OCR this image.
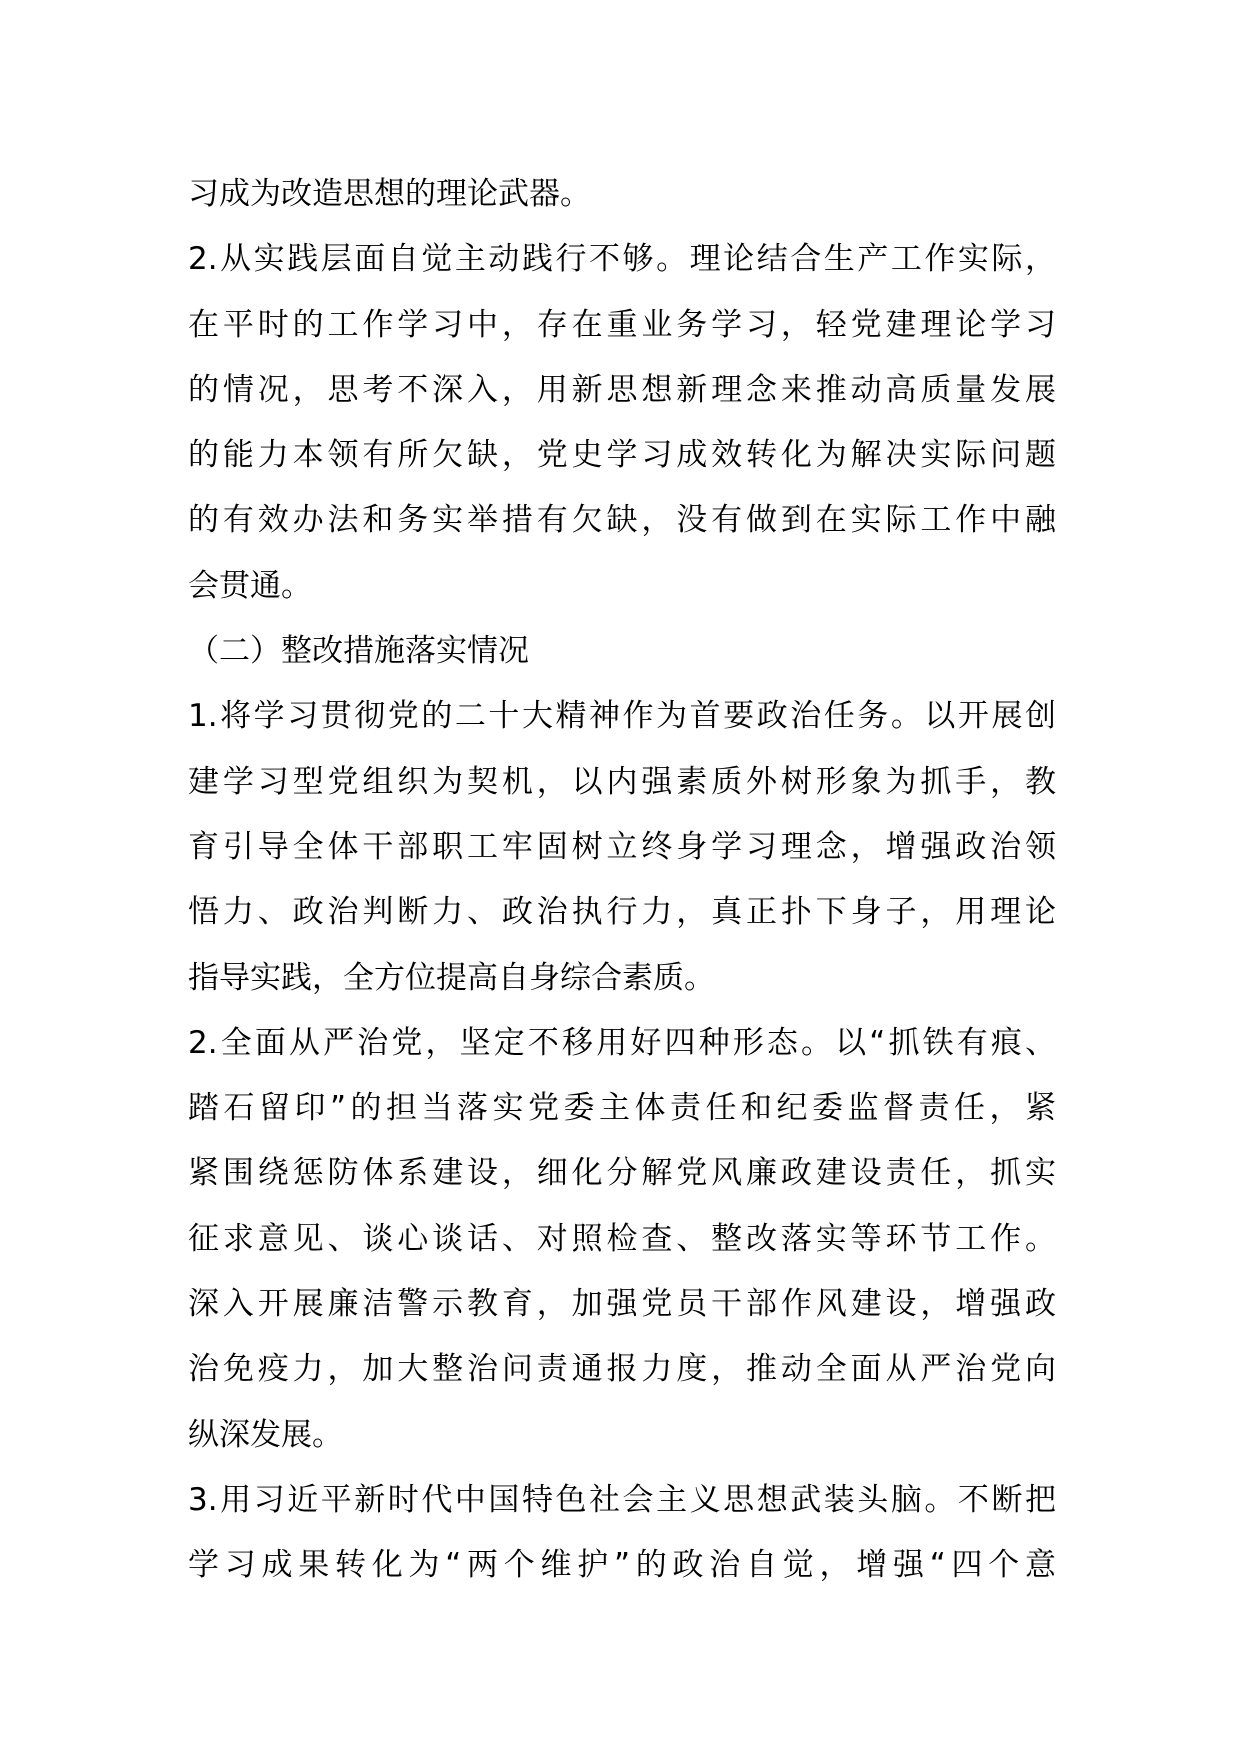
习成为改造思想的理论武器。
2.从实践层面自觉主动践行不够。理论结合生产工作实际，
在平时的工作学习中，存在重业务学习，轻党建理论学习
的情况，思考不深入，用新思想新理念来推动高质量发展
的能力本领有所欠缺，党史学习成效转化为解决实际问题
的有效办法和务实举措有欠缺，没有做到在实际工作中融
会贯通。
（二）整改措施落实情况
1.将学习贯彻党的二十大精神作为首要政治任务。以开展创
建学习型党组织为契机，以内强素质外树形象为抓手，教
育引导全体干部职工牢固树立终身学习理念，增强政治领
悟力、政治判断力、政治执行力，真正扑下身子，用理论
指导实践，全方位提高自身综合素质。
2.全面从严治党，坚定不移用好四种形态。以“抓铁有痕、
踏石留印”的担当落实党委主体责任和纪委监督责任，紧
紧围绕惩防体系建设，细化分解党风廉政建设责任，抓实
征求意见、谈心谈话、对照检查、整改落实等环节工作。
深入开展廉洁警示教育，加强党员干部作风建设，增强政
治免疫力，加大整治问责通报力度，推动全面从严治党向
纵深发展。
3.用习近平新时代中国特色社会主义思想武装头脑。不断把
学习成果转化为“两个维护”的政治自觉，增强“四个意
